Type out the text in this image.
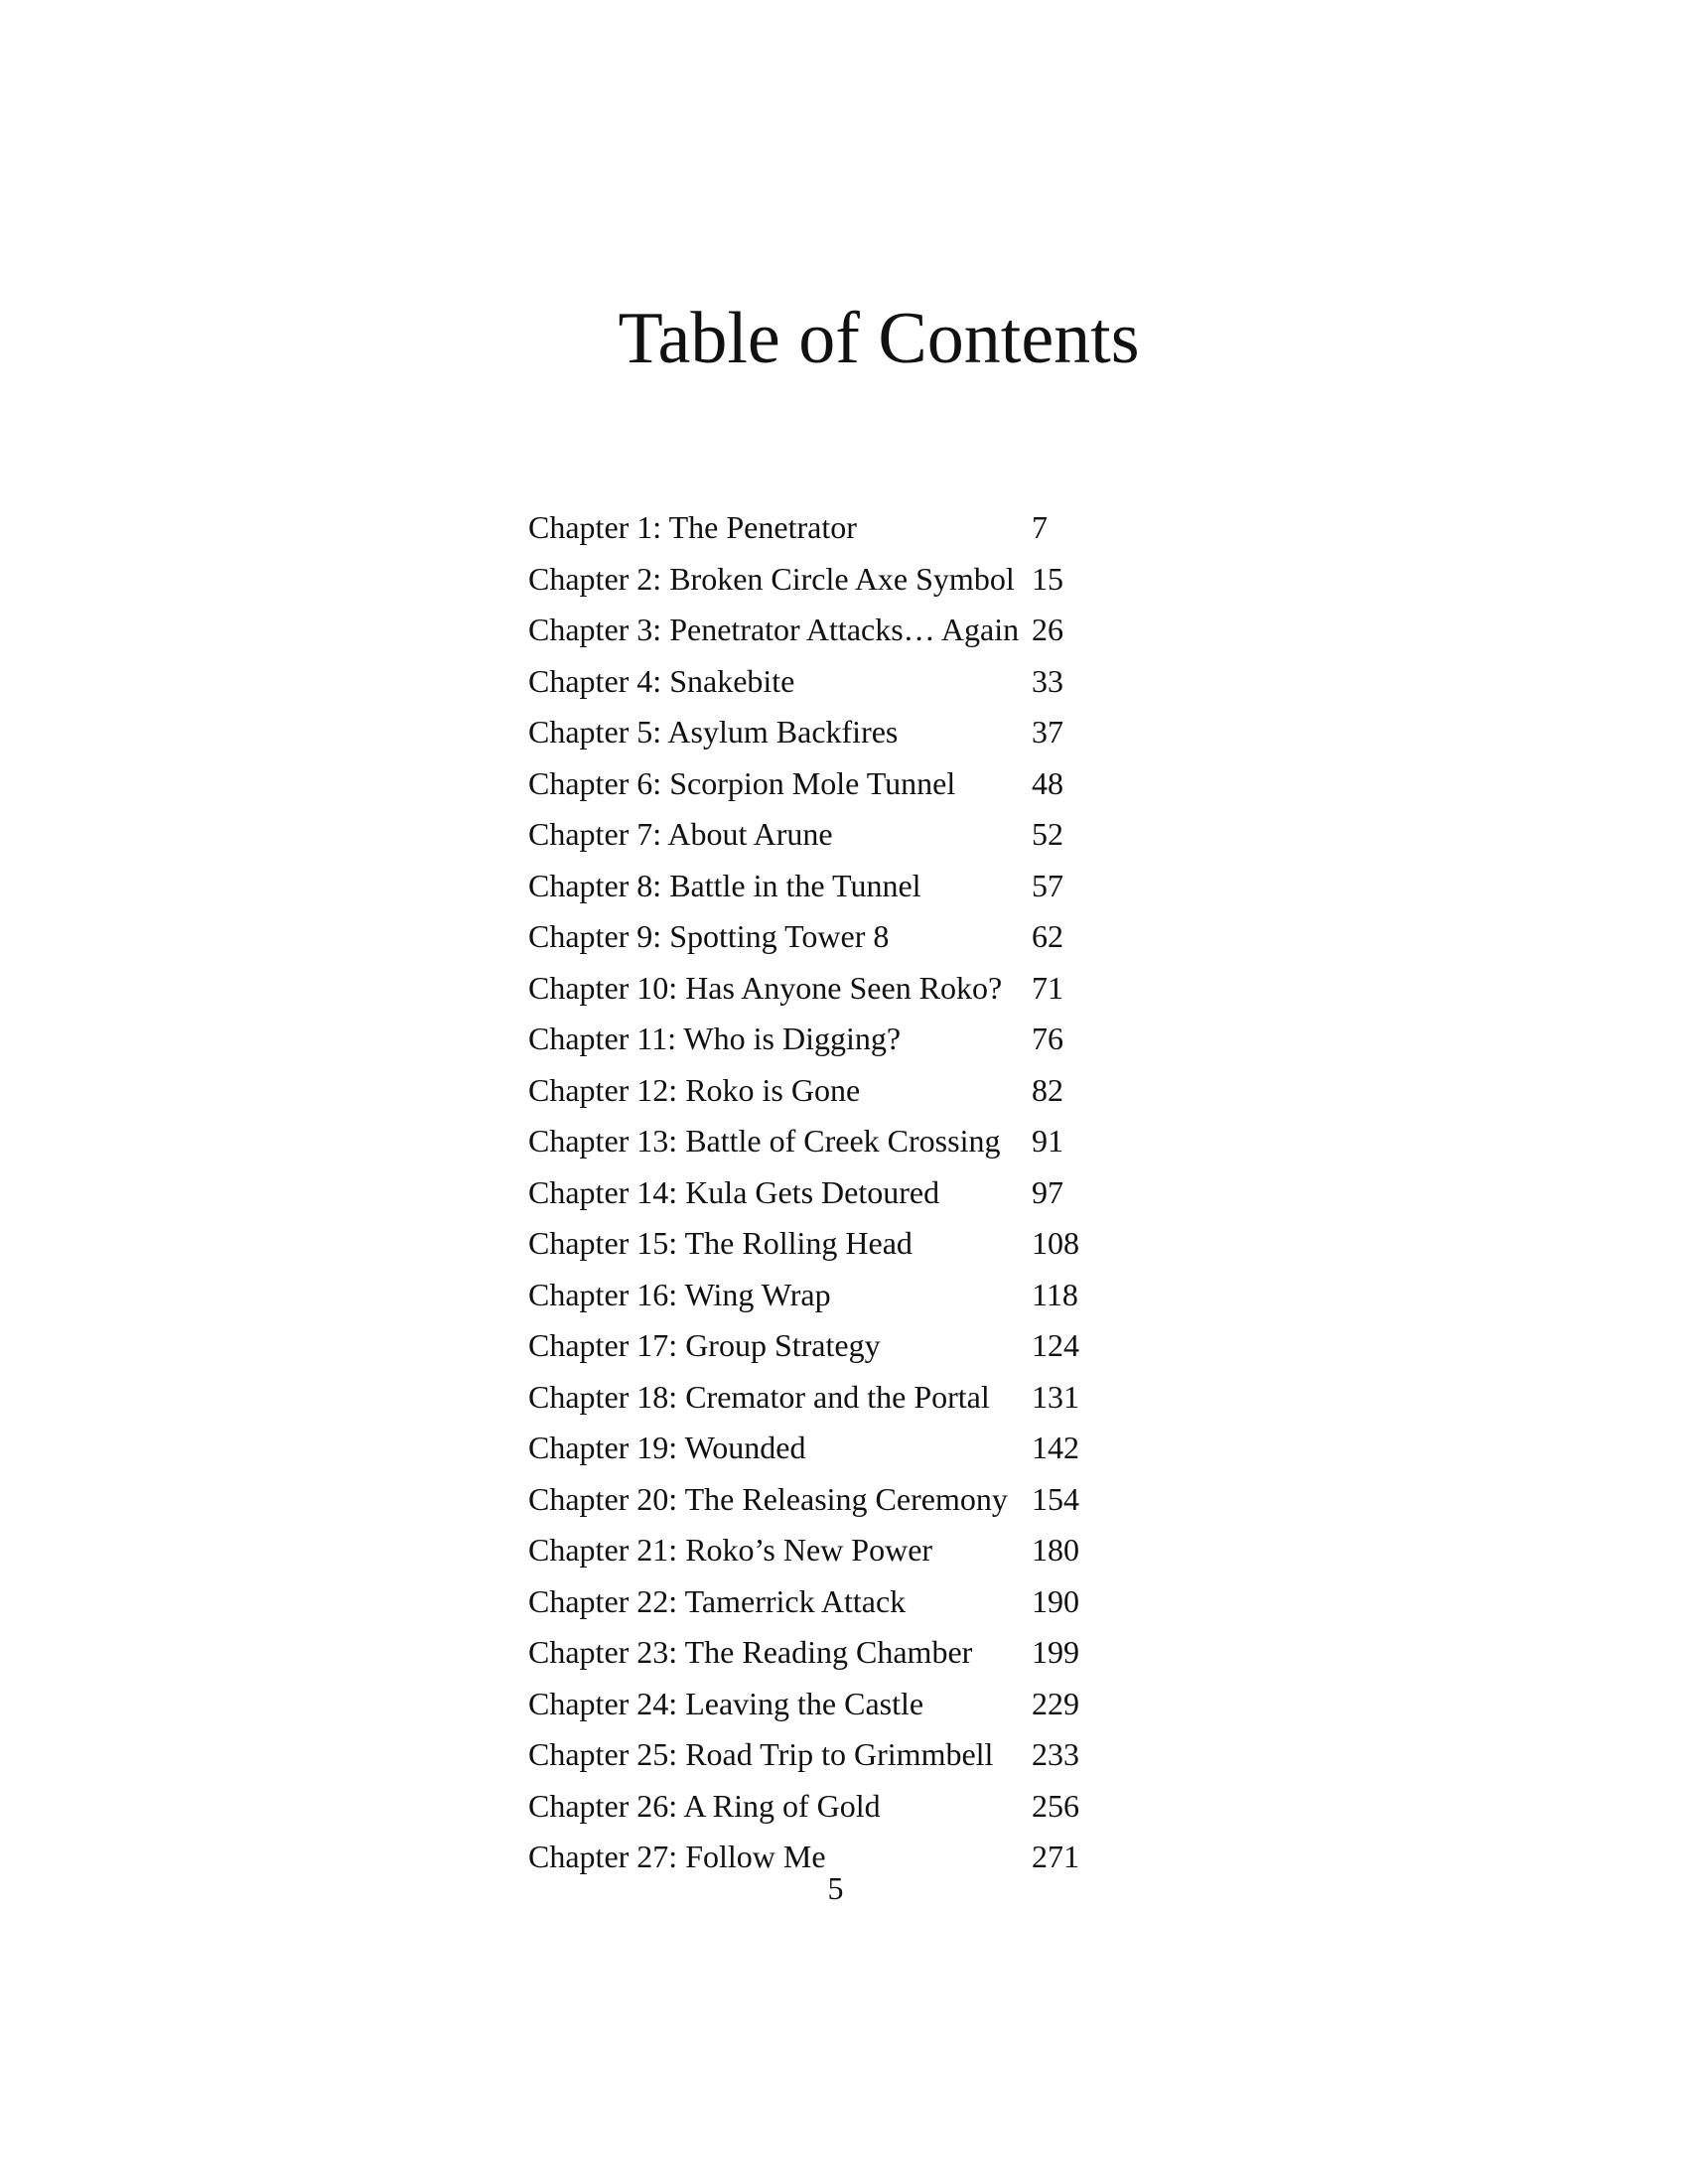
Table of Contents
Chapter 1: The Penetrator	7
Chapter 2: Broken Circle Axe Symbol 15
Chapter 3: Penetrator Attacks… Again 26
Chapter 4: Snakebite	33
Chapter 5: Asylum Backfires	37
Chapter 6: Scorpion Mole Tunnel 48
Chapter 7: About Arune	52
Chapter 8: Battle in the Tunnel	57
Chapter 9: Spotting Tower 8	62
Chapter 10: Has Anyone Seen Roko? 71
Chapter 11: Who is Digging?	76
Chapter 12: Roko is Gone	82
Chapter 13: Battle of Creek Crossing 91
Chapter 14: Kula Gets Detoured	97
Chapter 15: The Rolling Head	108
Chapter 16: Wing Wrap	118
Chapter 17: Group Strategy	124
Chapter 18: Cremator and the Portal 131
Chapter 19: Wounded	142
Chapter 20: The Releasing Ceremony 154
Chapter 21: Roko’s New Power	180
Chapter 22: Tamerrick Attack	190
Chapter 23: The Reading Chamber 199
Chapter 24: Leaving the Castle	229
Chapter 25: Road Trip to Grimmbell 233
Chapter 26: A Ring of Gold	256
Chapter 27: Follow Me	271
5
